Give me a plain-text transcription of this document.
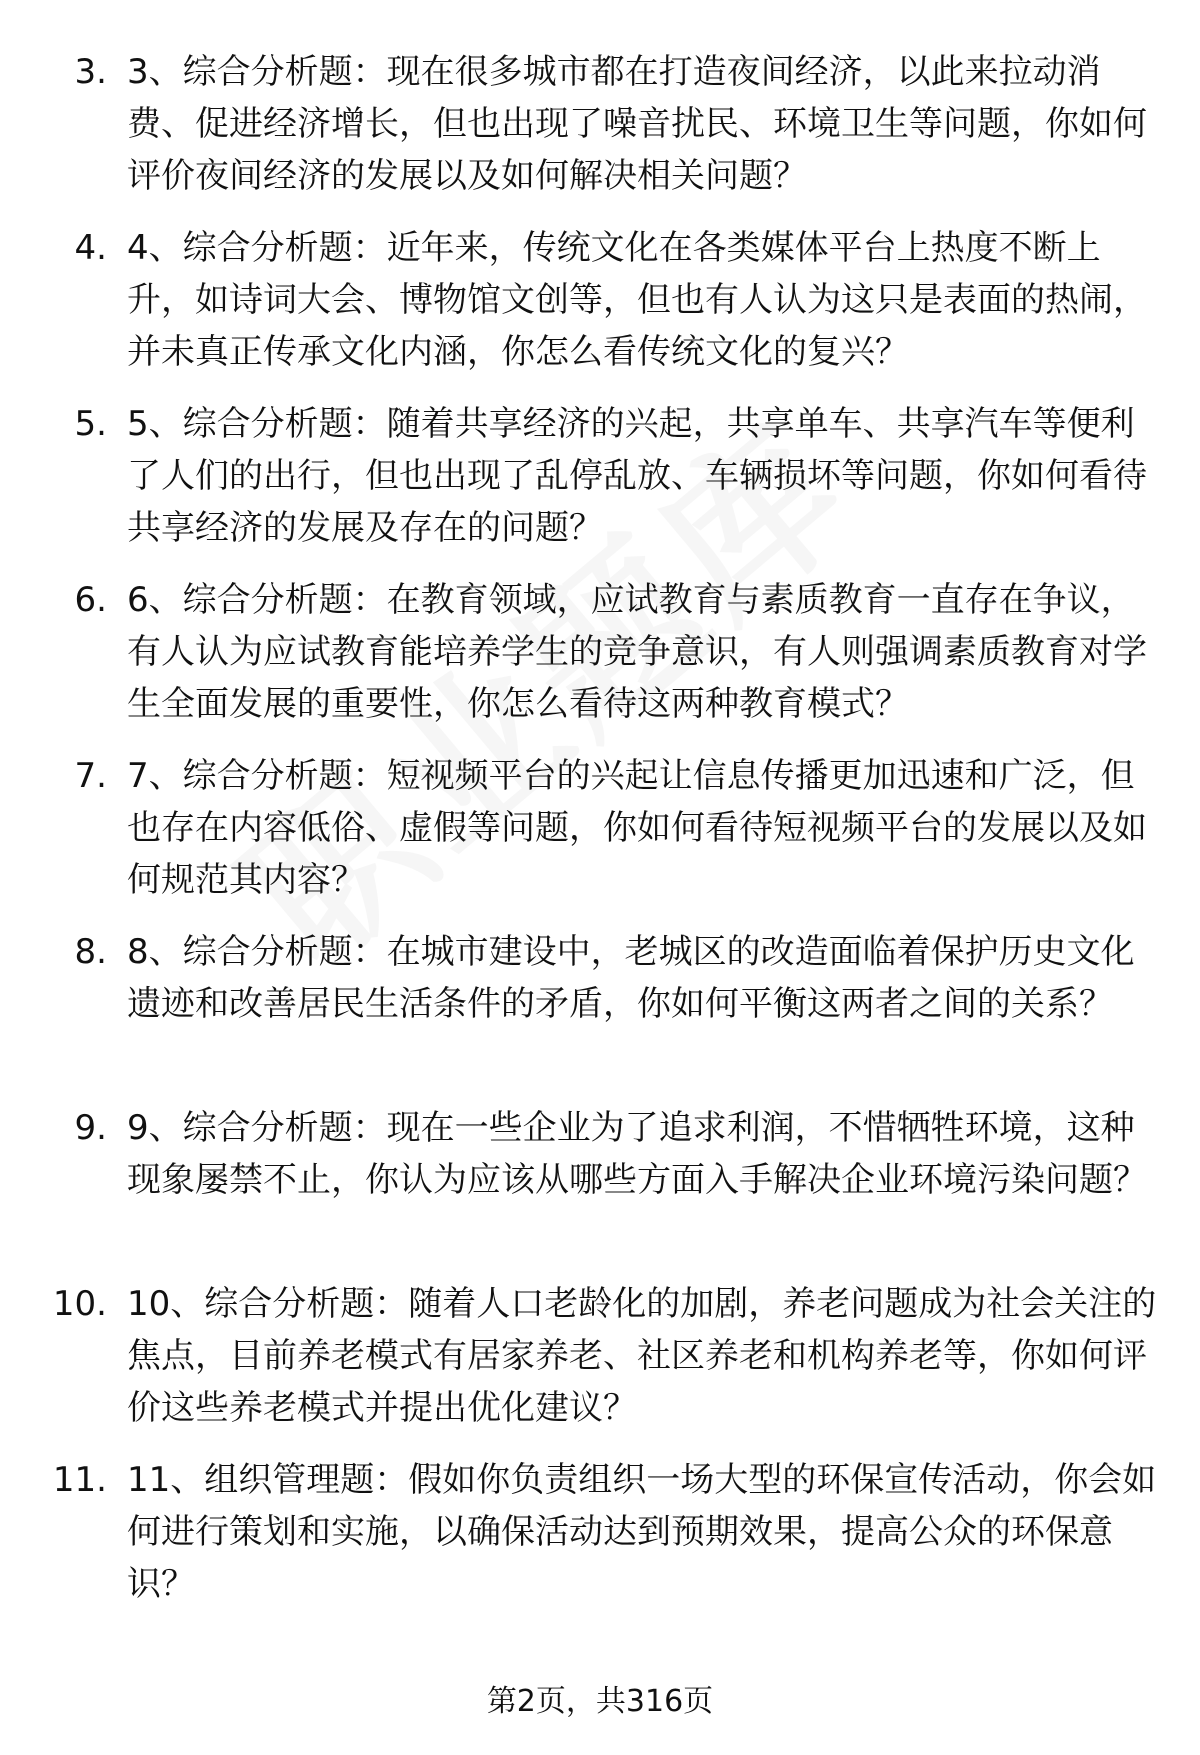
3. 3、综合分析题：现在很多城市都在打造夜间经济，以此来拉动消费、促进经济增长，但也出现了噪音扰民、环境卫生等问题，你如何评价夜间经济的发展以及如何解决相关问题？
4. 4、综合分析题：近年来，传统文化在各类媒体平台上热度不断上升，如诗词大会、博物馆文创等，但也有人认为这只是表面的热闹，并未真正传承文化内涵，你怎么看传统文化的复兴？
5. 5、综合分析题：随着共享经济的兴起，共享单车、共享汽车等便利了人们的出行，但也出现了乱停乱放、车辆损坏等问题，你如何看待共享经济的发展及存在的问题？
6. 6、综合分析题：在教育领域，应试教育与素质教育一直存在争议，有人认为应试教育能培养学生的竞争意识，有人则强调素质教育对学生全面发展的重要性，你怎么看待这两种教育模式？
7. 7、综合分析题：短视频平台的兴起让信息传播更加迅速和广泛，但也存在内容低俗、虚假等问题，你如何看待短视频平台的发展以及如何规范其内容？
8. 8、综合分析题：在城市建设中，老城区的改造面临着保护历史文化遗迹和改善居民生活条件的矛盾，你如何平衡这两者之间的关系？
9. 9、综合分析题：现在一些企业为了追求利润，不惜牺牲环境，这种现象屡禁不止，你认为应该从哪些方面入手解决企业环境污染问题？
10. 10、综合分析题：随着人口老龄化的加剧，养老问题成为社会关注的焦点，目前养老模式有居家养老、社区养老和机构养老等，你如何评价这些养老模式并提出优化建议？
11. 11、组织管理题：假如你负责组织一场大型的环保宣传活动，你会如何进行策划和实施，以确保活动达到预期效果，提高公众的环保意识？
第2页，共316页
